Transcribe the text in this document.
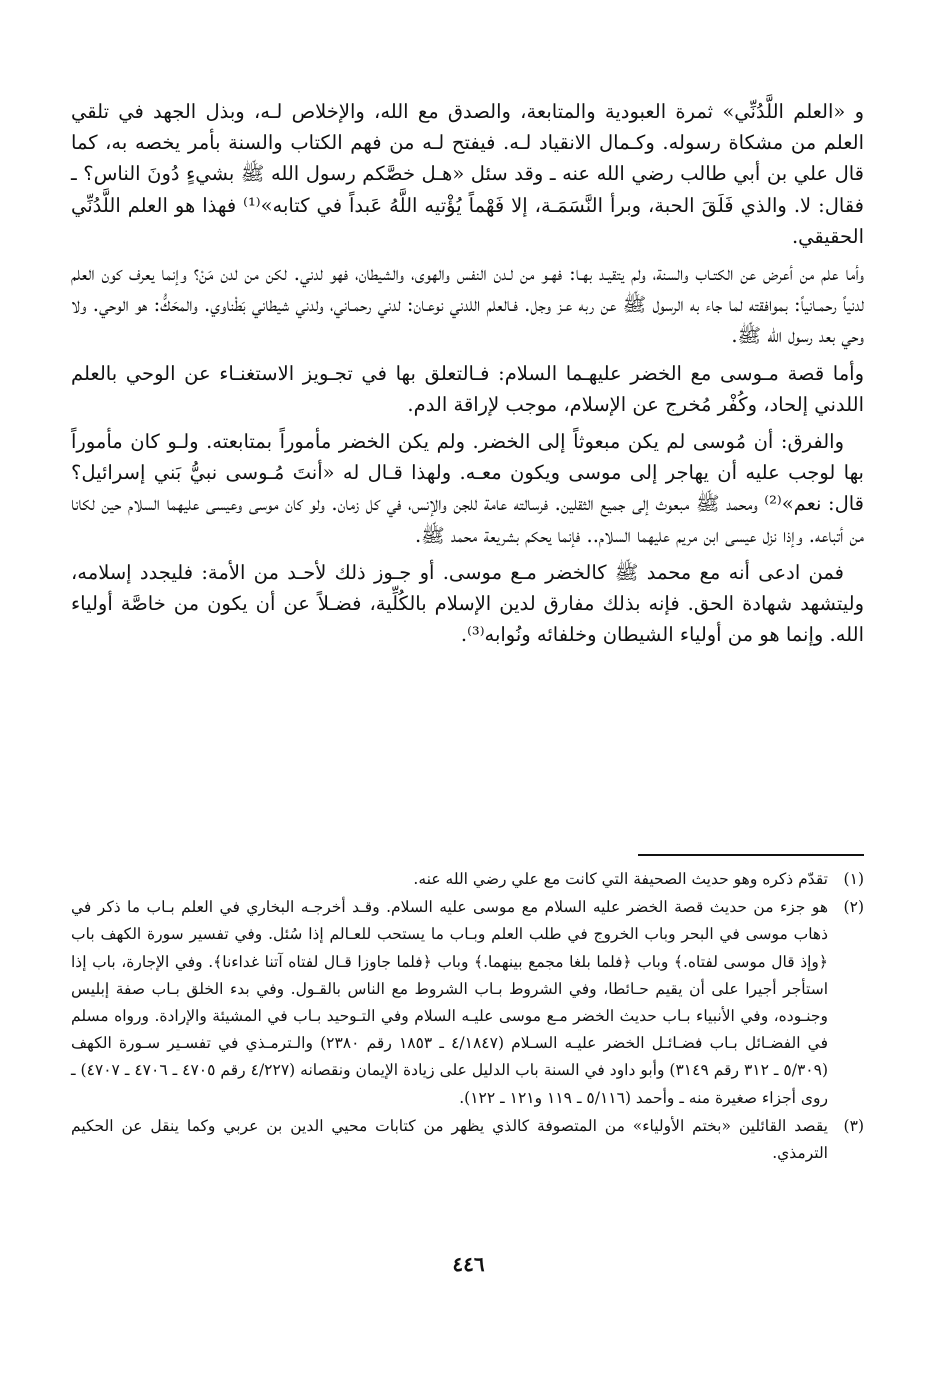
و «العلم اللَّدُنِّي» ثمرة العبودية والمتابعة، والصدق مع الله، والإخلاص لـه، وبذل الجهد في تلقي العلم من مشكاة رسوله. وكـمال الانقياد لـه. فيفتح لـه من فهم الكتاب والسنة بأمر يخصه به، كما قال علي بن أبي طالب رضي الله عنه ـ وقد سئل «هـل خصَّكم رسول الله ﷺ بشيءٍ دُونَ الناس؟ ـ فقال: لا. والذي فَلَقَ الحبة، وبرأ النَّسَمَـة، إلا فَهْماً يُؤْتيه اللَّهُ عَبداً في كتابه»⁽¹⁾ فهذا هو العلم اللَّدُنِّي الحقيقي.

وأما علم من أعرض عن الكتـاب والسنة، ولم يتقيـد بهـا: فهـو من لـدن النفس والهوى، والشيطان، فهو لدني. لكن من لدن مَنْ؟ وإنما يعرف كون العلم لدنياً رحمـانياً: بموافقته لما جاء به الرسول ﷺ عن ربه عـز وجل. فـالعلم اللدني نوعـان: لدني رحمـاني، ولدني شيطاني بَطْناوي. والمحَكُّ: هو الوحي. ولا وحي بعد رسول الله ﷺ.

وأما قصة مـوسى مع الخضر عليهـما السلام: فـالتعلق بها في تجـويز الاستغنـاء عن الوحي بالعلم اللدني إلحاد، وكُفْر مُخرج عن الإسلام، موجب لإراقة الدم.

والفرق: أن مُوسى لم يكن مبعوثاً إلى الخضر. ولم يكن الخضر مأموراً بمتابعته. ولـو كان مأموراً بها لوجب عليه أن يهاجر إلى موسى ويكون معـه. ولهذا قـال له «أنتَ مُـوسى نبيُّ بَني إسرائيل؟ قال: نعم»⁽²⁾ ومحمد ﷺ مبعوث إلى جميع الثقلين. فرسالته عامة للجن والإنس، في كل زمان. ولو كان موسى وعيسى عليهما السلام حين لكانا من أتباعه. وإذا نزل عيسى ابن مريم عليهما السلام.. فإنما يحكم بشريعة محمد ﷺ.

فمن ادعى أنه مع محمد ﷺ كالخضر مـع موسى. أو جـوز ذلك لأحـد من الأمة: فليجدد إسلامه، وليتشهد شهادة الحق. فإنه بذلك مفارق لدين الإسلام بالكُلِّية، فضـلاً عن أن يكون من خاصَّة أولياء الله. وإنما هو من أولياء الشيطان وخلفائه ونُوابه⁽³⁾.

(١)
تقدّم ذكره وهو حديث الصحيفة التي كانت مع علي رضي الله عنه.
(٢)
هو جزء من حديث قصة الخضر عليه السلام مع موسى عليه السلام. وقـد أخرجـه البخاري في العلم بـاب ما ذكر في ذهاب موسى في البحر وباب الخروج في طلب العلم وبـاب ما يستحب للعـالم إذا سُئل. وفي تفسير سورة الكهف باب ﴿وإذ قال موسى لفتاه.﴾ وباب ﴿فلما بلغا مجمع بينهما.﴾ وباب ﴿فلما جاوزا قـال لفتاه آتنا غداءنا﴾. وفي الإجارة، باب إذا استأجر أجيرا على أن يقيم حـائطا، وفي الشروط بـاب الشروط مع الناس بالقـول. وفي بدء الخلق بـاب صفة إبليس وجنـوده، وفي الأنبياء بـاب حديث الخضر مـع موسى عليـه السلام وفي التـوحيد بـاب في المشيئة والإرادة. ورواه مسلم في الفضـائل بـاب فضـائـل الخضر عليـه السـلام (٤/١٨٤٧ ـ ١٨٥٣ رقم ٢٣٨٠) والـترمـذي في تفسـير سـورة الكهف (٥/٣٠٩ ـ ٣١٢ رقم ٣١٤٩) وأبو داود في السنة باب الدليل على زيادة الإيمان ونقصانه (٤/٢٢٧ رقم ٤٧٠٥ ـ ٤٧٠٦ ـ ٤٧٠٧) ـ روى أجزاء صغيرة منه ـ وأحمد (٥/١١٦ ـ ١١٩ و١٢١ ـ ١٢٢).
(٣)
يقصد القائلين «بختم الأولياء» من المتصوفة كالذي يظهر من كتابات محيي الدين بن عربي وكما ينقل عن الحكيم الترمذي.
٤٤٦
